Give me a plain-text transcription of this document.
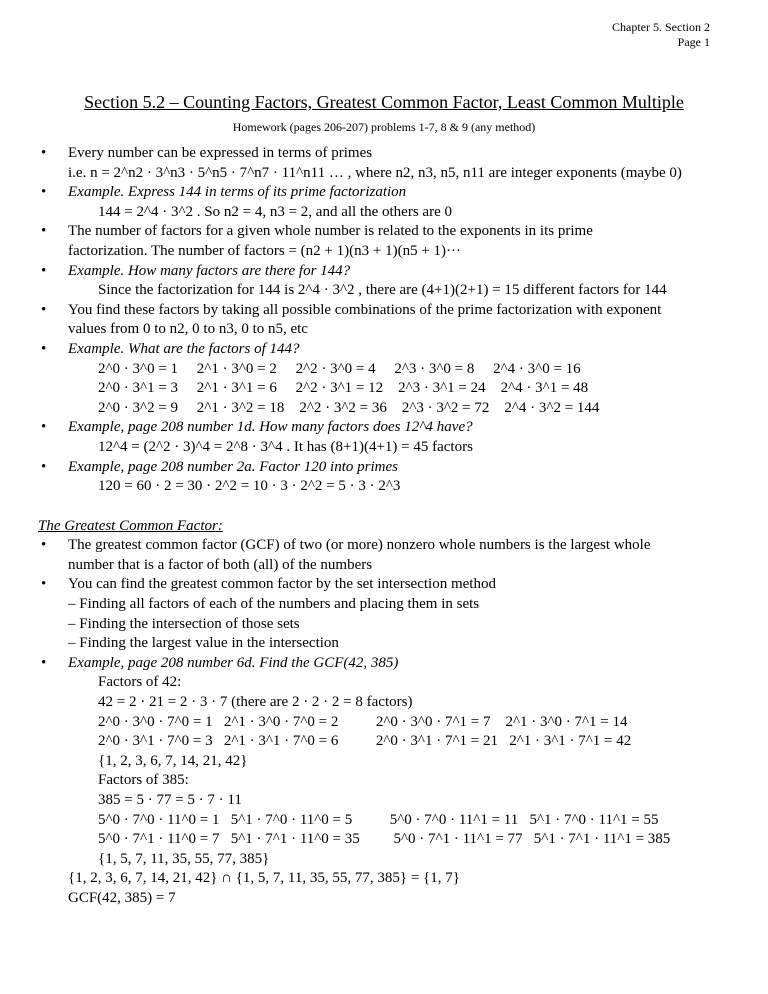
Chapter 5. Section 2
Page 1
Section 5.2 – Counting Factors, Greatest Common Factor, Least Common Multiple
Homework (pages 206-207) problems 1-7, 8 & 9 (any method)
• Every number can be expressed in terms of primes
i.e. n = 2^n2 · 3^n3 · 5^n5 · 7^n7 · 11^n11 … , where n2, n3, n5, n11 are integer exponents (maybe 0)
• Example. Express 144 in terms of its prime factorization
144 = 2^4 · 3^2 . So n2 = 4, n3 = 2, and all the others are 0
• The number of factors for a given whole number is related to the exponents in its prime
factorization. The number of factors = (n2 + 1)(n3 + 1)(n5 + 1)···
• Example. How many factors are there for 144?
Since the factorization for 144 is 2^4 · 3^2 , there are (4+1)(2+1) = 15 different factors for 144
• You find these factors by taking all possible combinations of the prime factorization with exponent
values from 0 to n2, 0 to n3, 0 to n5, etc
• Example. What are the factors of 144?
2^0 · 3^0 = 1     2^1 · 3^0 = 2     2^2 · 3^0 = 4     2^3 · 3^0 = 8     2^4 · 3^0 = 16
2^0 · 3^1 = 3     2^1 · 3^1 = 6     2^2 · 3^1 = 12    2^3 · 3^1 = 24    2^4 · 3^1 = 48
2^0 · 3^2 = 9     2^1 · 3^2 = 18    2^2 · 3^2 = 36    2^3 · 3^2 = 72    2^4 · 3^2 = 144
• Example, page 208 number 1d. How many factors does 12^4 have?
12^4 = (2^2 · 3)^4 = 2^8 · 3^4 . It has (8+1)(4+1) = 45 factors
• Example, page 208 number 2a. Factor 120 into primes
120 = 60 · 2 = 30 · 2^2 = 10 · 3 · 2^2 = 5 · 3 · 2^3
The Greatest Common Factor:
• The greatest common factor (GCF) of two (or more) nonzero whole numbers is the largest whole
number that is a factor of both (all) of the numbers
• You can find the greatest common factor by the set intersection method
– Finding all factors of each of the numbers and placing them in sets
– Finding the intersection of those sets
– Finding the largest value in the intersection
• Example, page 208 number 6d. Find the GCF(42, 385)
Factors of 42:
42 = 2 · 21 = 2 · 3 · 7 (there are 2 · 2 · 2 = 8 factors)
2^0 · 3^0 · 7^0 = 1   2^1 · 3^0 · 7^0 = 2          2^0 · 3^0 · 7^1 = 7    2^1 · 3^0 · 7^1 = 14
2^0 · 3^1 · 7^0 = 3   2^1 · 3^1 · 7^0 = 6          2^0 · 3^1 · 7^1 = 21   2^1 · 3^1 · 7^1 = 42
{1, 2, 3, 6, 7, 14, 21, 42}
Factors of 385:
385 = 5 · 77 = 5 · 7 · 11
5^0 · 7^0 · 11^0 = 1   5^1 · 7^0 · 11^0 = 5          5^0 · 7^0 · 11^1 = 11   5^1 · 7^0 · 11^1 = 55
5^0 · 7^1 · 11^0 = 7   5^1 · 7^1 · 11^0 = 35         5^0 · 7^1 · 11^1 = 77   5^1 · 7^1 · 11^1 = 385
{1, 5, 7, 11, 35, 55, 77, 385}
{1, 2, 3, 6, 7, 14, 21, 42} ∩ {1, 5, 7, 11, 35, 55, 77, 385} = {1, 7}
GCF(42, 385) = 7
